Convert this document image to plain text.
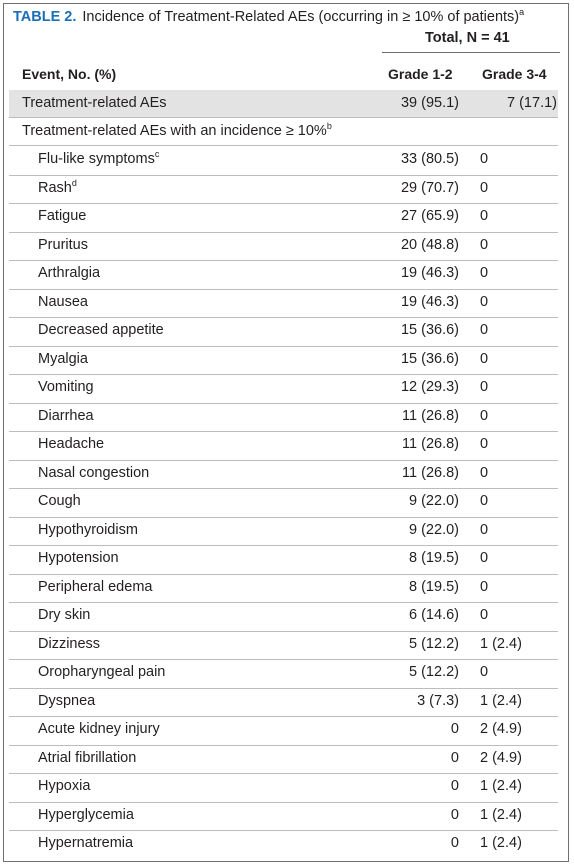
TABLE 2. Incidence of Treatment-Related AEs (occurring in ≥ 10% of patients)$^a$
Total, N = 41
Event, No. (%)	Grade 1-2 Grade 3-4
Treatment-related AEs	39 (95.1)	7 (17.1)
Treatment-related AEs with an incidence ≥ 10%$^b$
Flu-like symptoms$^c$	33 (80.5) 0
Rash$^d$	29 (70.7) 0
Fatigue	27 (65.9) 0
Pruritus	20 (48.8) 0
Arthralgia	19 (46.3) 0
Nausea	19 (46.3) 0
Decreased appetite	15 (36.6) 0
Myalgia	15 (36.6) 0
Vomiting	12 (29.3) 0
Diarrhea	11 (26.8) 0
Headache	11 (26.8) 0
Nasal congestion	11 (26.8) 0
Cough	9 (22.0) 0
Hypothyroidism	9 (22.0) 0
Hypotension	8 (19.5) 0
Peripheral edema	8 (19.5) 0
Dry skin	6 (14.6) 0
Dizziness	5 (12.2) 1 (2.4)
Oropharyngeal pain	5 (12.2) 0
Dyspnea	3 (7.3) 1 (2.4)
Acute kidney injury	0 2 (4.9)
Atrial fibrillation	0 2 (4.9)
Hypoxia	0 1 (2.4)
Hyperglycemia	0 1 (2.4)
Hypernatremia	0 1 (2.4)
